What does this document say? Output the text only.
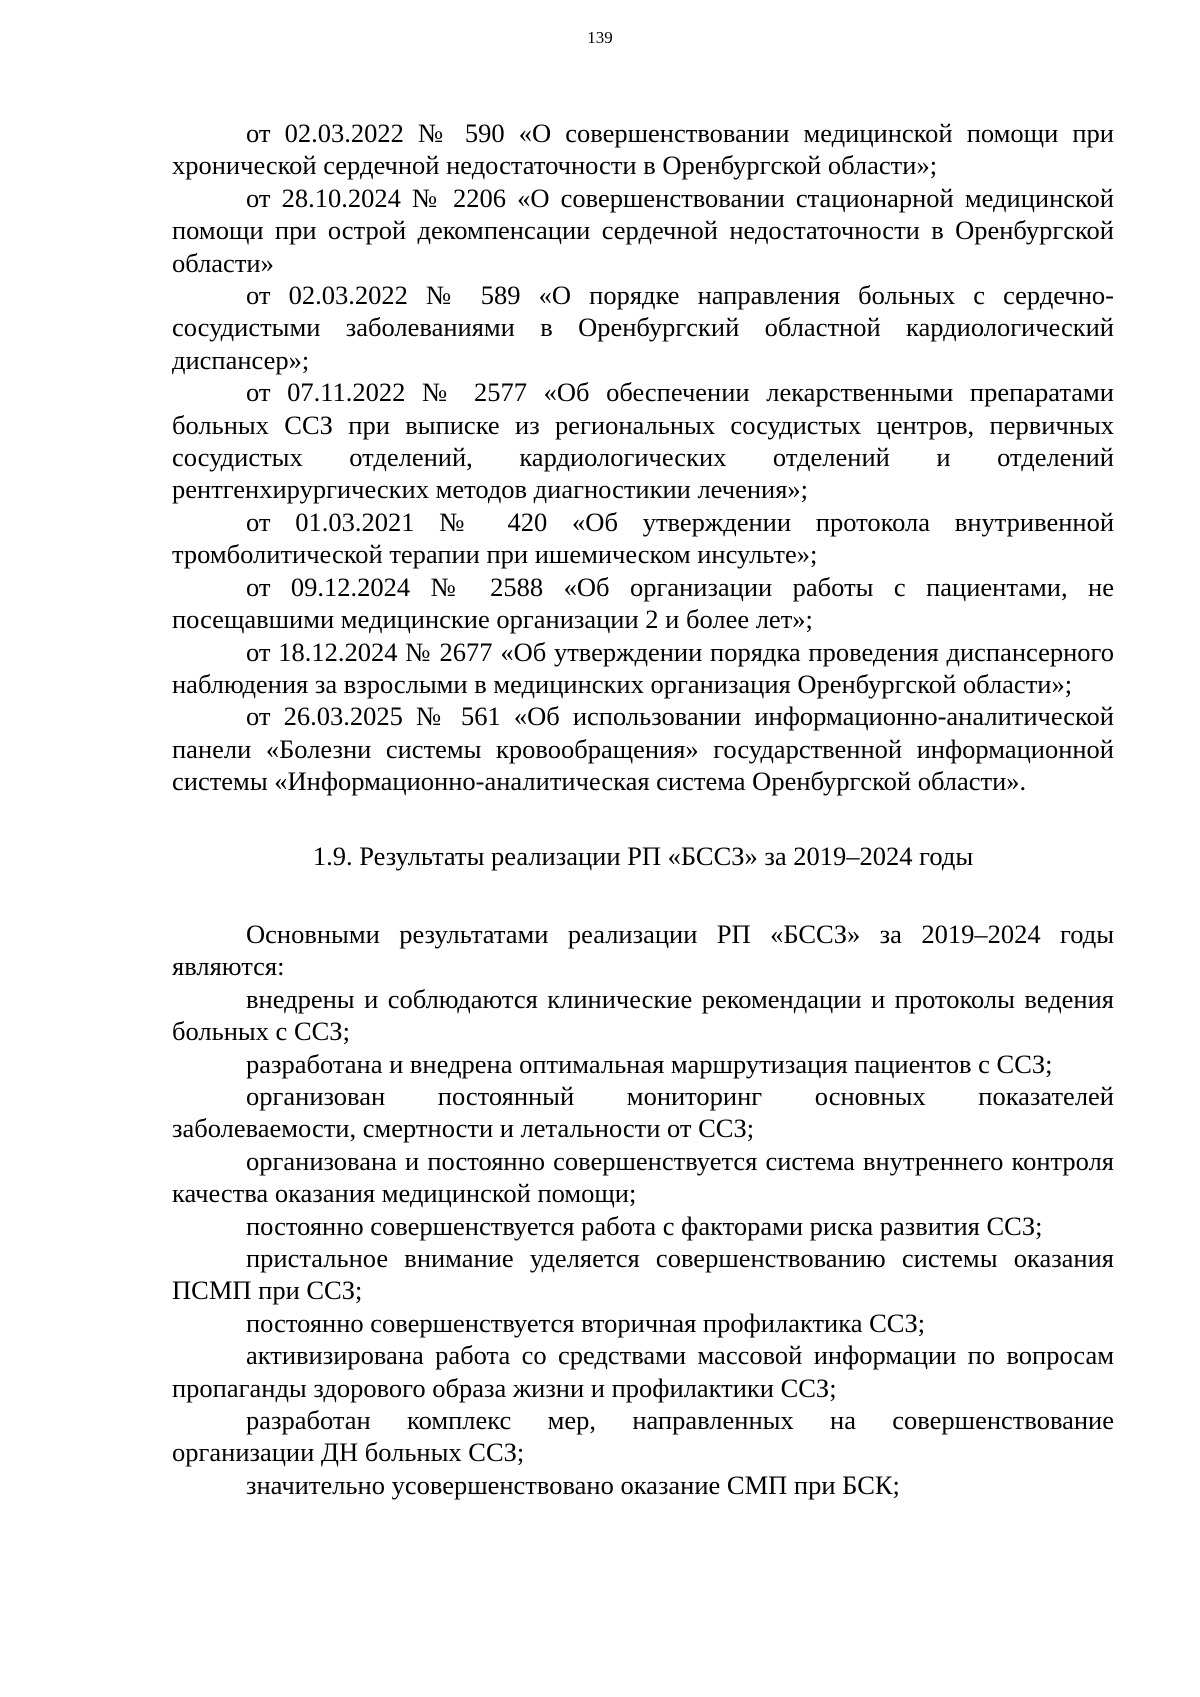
139

от 02.03.2022 № 590 «О совершенствовании медицинской помощи при хронической сердечной недостаточности в Оренбургской области»;

от 28.10.2024 № 2206 «О совершенствовании стационарной медицинской помощи при острой декомпенсации сердечной недостаточности в Оренбургской области»

от 02.03.2022 № 589 «О порядке направления больных с сердечно-сосудистыми заболеваниями в Оренбургский областной кардиологический диспансер»;

от 07.11.2022 № 2577 «Об обеспечении лекарственными препаратами больных ССЗ при выписке из региональных сосудистых центров, первичных сосудистых отделений, кардиологических отделений и отделений рентгенхирургических методов диагностикии лечения»;

от 01.03.2021 № 420 «Об утверждении протокола внутривенной тромболитической терапии при ишемическом инсульте»;

от 09.12.2024 № 2588 «Об организации работы с пациентами, не посещавшими медицинские организации 2 и более лет»;

от 18.12.2024 № 2677 «Об утверждении порядка проведения диспансерного наблюдения за взрослыми в медицинских организация Оренбургской области»;

от 26.03.2025 № 561 «Об использовании информационно-аналитической панели «Болезни системы кровообращения» государственной информационной системы «Информационно-аналитическая система Оренбургской области».

1.9. Результаты реализации РП «БССЗ» за 2019–2024 годы

Основными результатами реализации РП «БССЗ» за 2019–2024 годы являются:

внедрены и соблюдаются клинические рекомендации и протоколы ведения больных с ССЗ;

разработана и внедрена оптимальная маршрутизация пациентов с ССЗ;

организован постоянный мониторинг основных показателей заболеваемости, смертности и летальности от ССЗ;

организована и постоянно совершенствуется система внутреннего контроля качества оказания медицинской помощи;

постоянно совершенствуется работа с факторами риска развития ССЗ;

пристальное внимание уделяется совершенствованию системы оказания ПСМП при ССЗ;

постоянно совершенствуется вторичная профилактика ССЗ;

активизирована работа со средствами массовой информации по вопросам пропаганды здорового образа жизни и профилактики ССЗ;

разработан комплекс мер, направленных на совершенствование организации ДН больных ССЗ;

значительно усовершенствовано оказание СМП при БСК;
